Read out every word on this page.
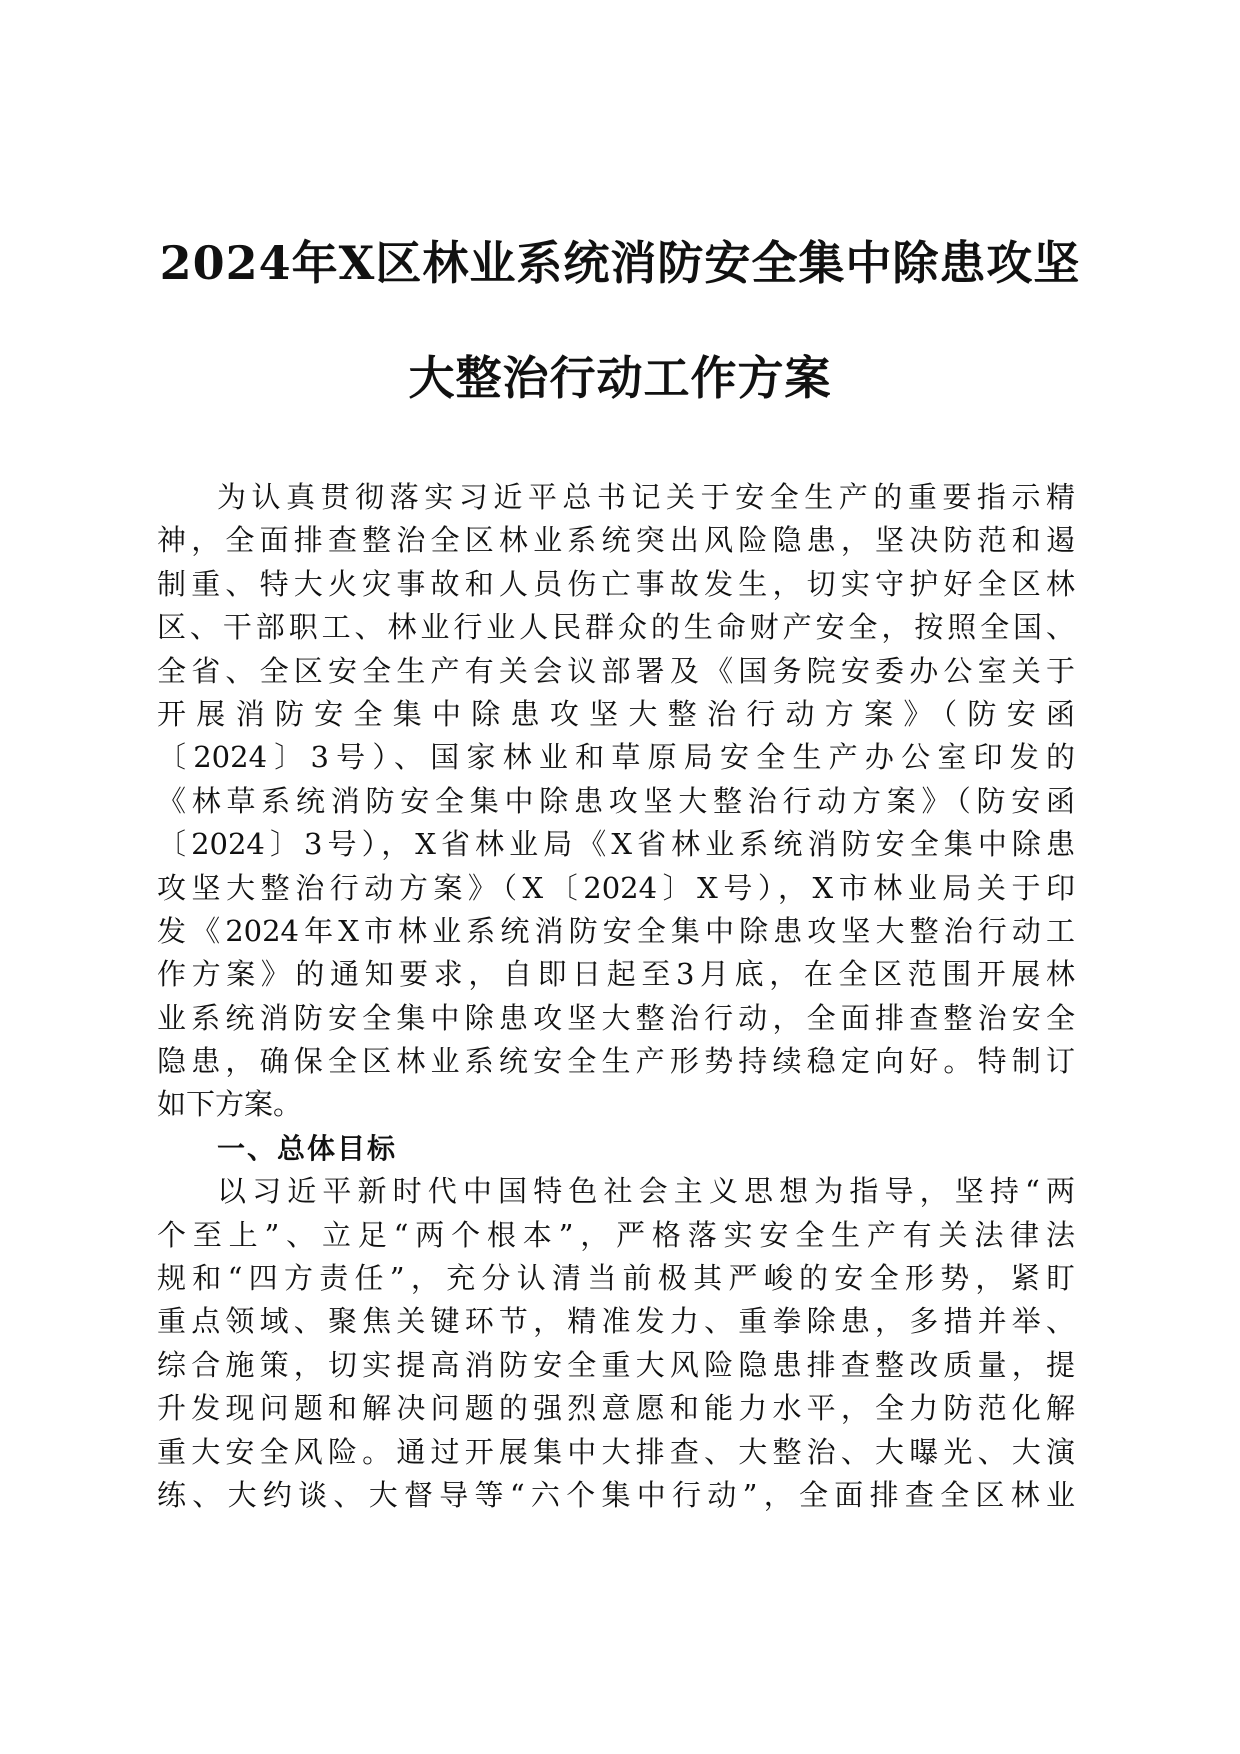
2024年X区林业系统消防安全集中除患攻坚
大整治行动工作方案
为认真贯彻落实习近平总书记关于安全生产的重要指示精
神，全面排查整治全区林业系统突出风险隐患，坚决防范和遏
制重、特大火灾事故和人员伤亡事故发生，切实守护好全区林
区、干部职工、林业行业人民群众的生命财产安全，按照全国、
全省、全区安全生产有关会议部署及《国务院安委办公室关于
开展消防安全集中除患攻坚大整治行动方案》（防安函
〔2024〕3号）、国家林业和草原局安全生产办公室印发的
《林草系统消防安全集中除患攻坚大整治行动方案》（防安函
〔2024〕3号），X省林业局《X省林业系统消防安全集中除患
攻坚大整治行动方案》（X〔2024〕X号），X市林业局关于印
发《2024年X市林业系统消防安全集中除患攻坚大整治行动工
作方案》的通知要求，自即日起至3月底，在全区范围开展林
业系统消防安全集中除患攻坚大整治行动，全面排查整治安全
隐患，确保全区林业系统安全生产形势持续稳定向好。特制订
如下方案。
一、总体目标
以习近平新时代中国特色社会主义思想为指导，坚持“两
个至上”、立足“两个根本”，严格落实安全生产有关法律法
规和“四方责任”，充分认清当前极其严峻的安全形势，紧盯
重点领域、聚焦关键环节，精准发力、重拳除患，多措并举、
综合施策，切实提高消防安全重大风险隐患排查整改质量，提
升发现问题和解决问题的强烈意愿和能力水平，全力防范化解
重大安全风险。通过开展集中大排查、大整治、大曝光、大演
练、大约谈、大督导等“六个集中行动”，全面排查全区林业
